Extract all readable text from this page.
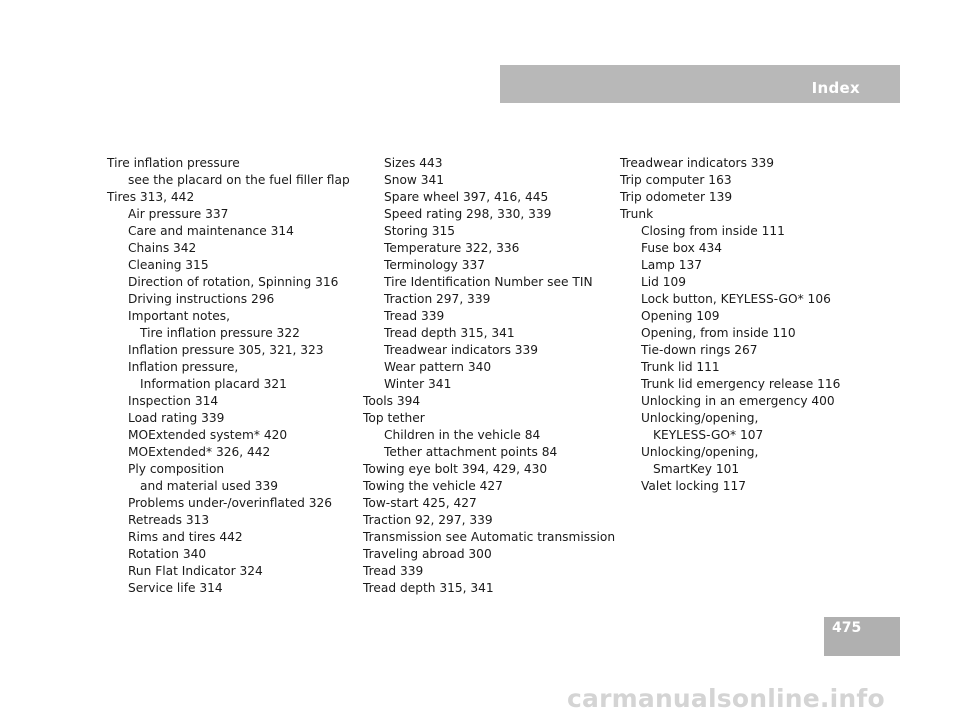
Index
Tire inflation pressure
see the placard on the fuel filler flap
Tires 313, 442
Air pressure 337
Care and maintenance 314
Chains 342
Cleaning 315
Direction of rotation, Spinning 316
Driving instructions 296
Important notes,
Tire inflation pressure 322
Inflation pressure 305, 321, 323
Inflation pressure,
Information placard 321
Inspection 314
Load rating 339
MOExtended system* 420
MOExtended* 326, 442
Ply composition
and material used 339
Problems under-/overinflated 326
Retreads 313
Rims and tires 442
Rotation 340
Run Flat Indicator 324
Service life 314
Sizes 443
Snow 341
Spare wheel 397, 416, 445
Speed rating 298, 330, 339
Storing 315
Temperature 322, 336
Terminology 337
Tire Identification Number see TIN
Traction 297, 339
Tread 339
Tread depth 315, 341
Treadwear indicators 339
Wear pattern 340
Winter 341
Tools 394
Top tether
Children in the vehicle 84
Tether attachment points 84
Towing eye bolt 394, 429, 430
Towing the vehicle 427
Tow-start 425, 427
Traction 92, 297, 339
Transmission see Automatic transmission
Traveling abroad 300
Tread 339
Tread depth 315, 341
Treadwear indicators 339
Trip computer 163
Trip odometer 139
Trunk
Closing from inside 111
Fuse box 434
Lamp 137
Lid 109
Lock button, KEYLESS-GO* 106
Opening 109
Opening, from inside 110
Tie-down rings 267
Trunk lid 111
Trunk lid emergency release 116
Unlocking in an emergency 400
Unlocking/opening,
KEYLESS-GO* 107
Unlocking/opening,
SmartKey 101
Valet locking 117
475
carmanualsonline.info
